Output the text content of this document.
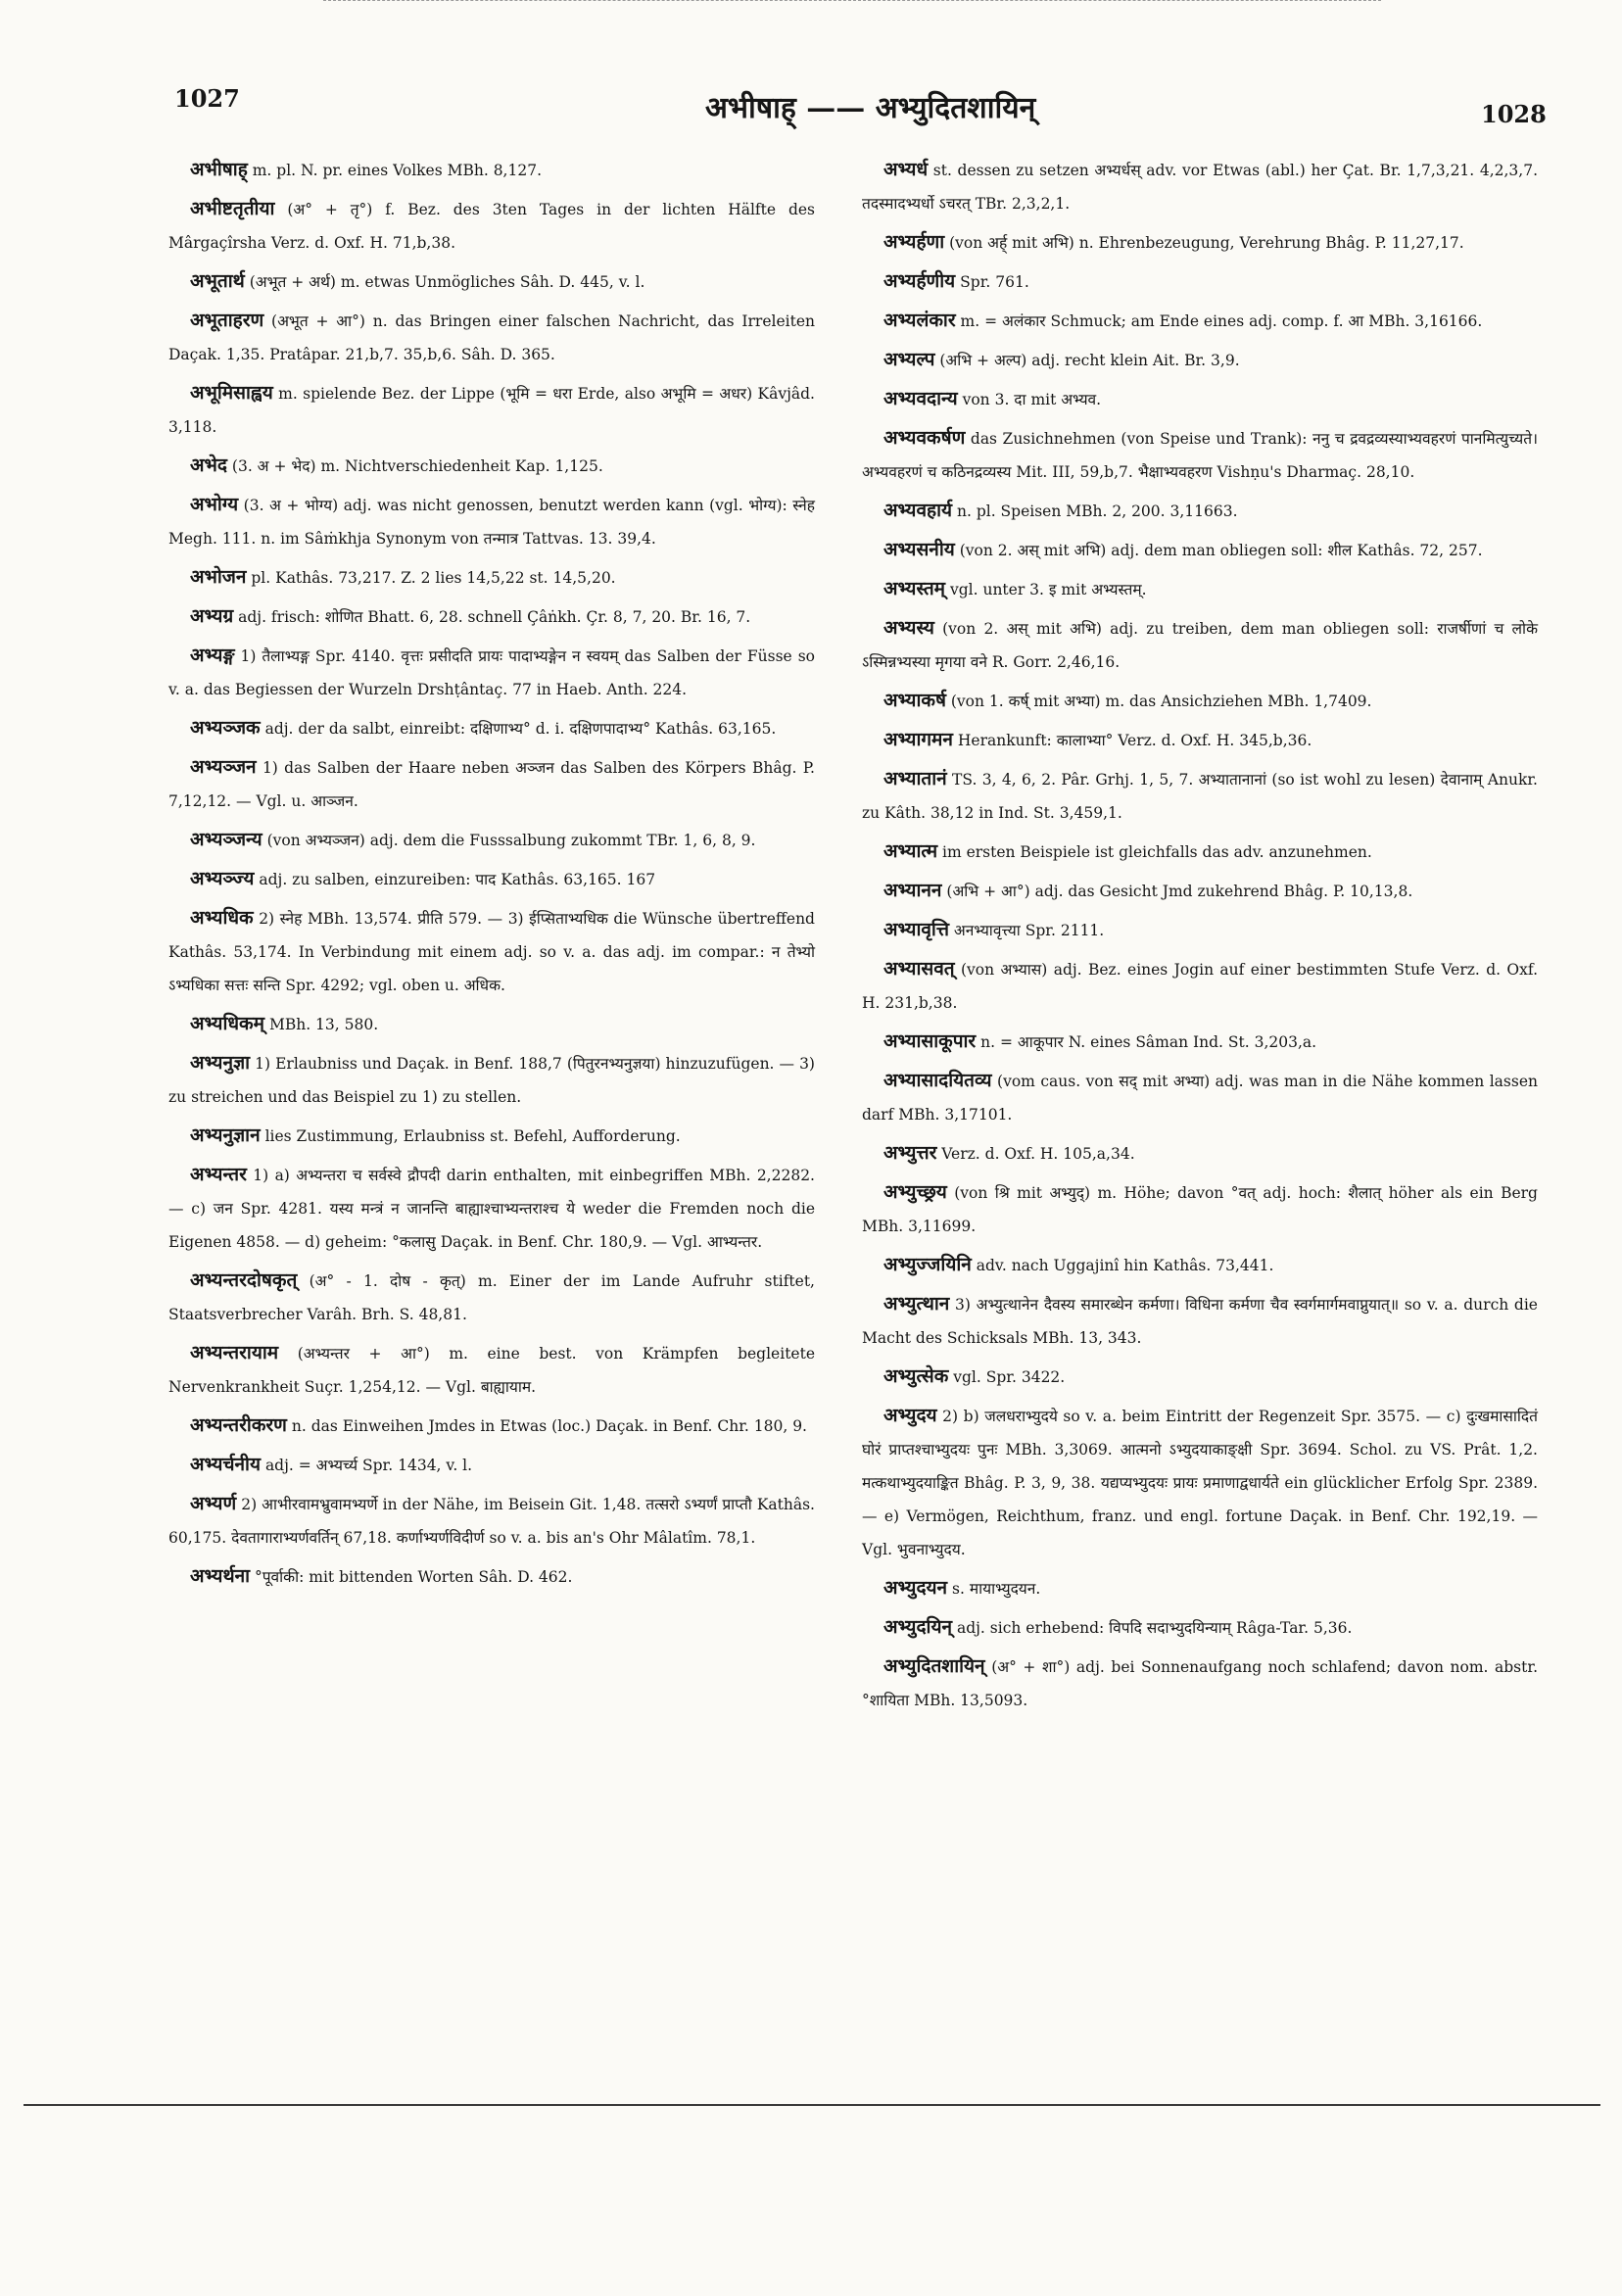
1027	अभीषाह् —— अभ्युदितशायिन्	1028

अभीषाह् m. pl. N. pr. eines Volkes MBh. 8,127.

अभीष्टतृतीया (अ° + तृ°) f. Bez. des 3ten Tages in der lichten Hälfte des Mârgaçîrsha Verz. d. Oxf. H. 71,b,38.

अभूतार्थ (अभूत + अर्थ) m. etwas Unmögliches Sâh. D. 445, v. l.

अभूताहरण (अभूत + आ°) n. das Bringen einer falschen Nachricht, das Irreleiten Daçak. 1,35. Pratâpar. 21,b,7. 35,b,6. Sâh. D. 365.

अभूमिसाह्वय m. spielende Bez. der Lippe (भूमि = धरा Erde, also अभूमि = अधर) Kâvjâd. 3,118.

अभेद (3. अ + भेद) m. Nichtverschiedenheit Kap. 1,125.

अभोग्य (3. अ + भोग्य) adj. was nicht genossen, benutzt werden kann (vgl. भोग्य): स्नेह Megh. 111. n. im Sâṁkhja Synonym von तन्मात्र Tattvas. 13. 39,4.

अभोजन pl. Kathâs. 73,217. Z. 2 lies 14,5,22 st. 14,5,20.

अभ्यग्र adj. frisch: शोणित Bhatt. 6, 28. schnell Çâṅkh. Çr. 8, 7, 20. Br. 16, 7.

अभ्यङ्ग 1) तैलाभ्यङ्ग Spr. 4140. वृत्तः प्रसीदति प्रायः पादाभ्यङ्गेन न स्वयम् das Salben der Füsse so v. a. das Begiessen der Wurzeln Drshṭântaç. 77 in Haeb. Anth. 224.

अभ्यञ्जक adj. der da salbt, einreibt: दक्षिणाभ्य° d. i. दक्षिणपादाभ्य° Kathâs. 63,165.

अभ्यञ्जन 1) das Salben der Haare neben अञ्जन das Salben des Körpers Bhâg. P. 7,12,12. — Vgl. u. आञ्जन.

अभ्यञ्जन्य (von अभ्यञ्जन) adj. dem die Fusssalbung zukommt TBr. 1, 6, 8, 9.

अभ्यञ्ज्य adj. zu salben, einzureiben: पाद Kathâs. 63,165. 167

अभ्यधिक 2) स्नेह MBh. 13,574. प्रीति 579. — 3) ईप्सिताभ्यधिक die Wünsche übertreffend Kathâs. 53,174. In Verbindung mit einem adj. so v. a. das adj. im compar.: न तेभ्यो ऽभ्यधिका सत्तः सन्ति Spr. 4292; vgl. oben u. अधिक.

अभ्यधिकम् MBh. 13, 580.

अभ्यनुज्ञा 1) Erlaubniss und Daçak. in Benf. 188,7 (पितुरनभ्यनुज्ञया) hinzuzufügen. — 3) zu streichen und das Beispiel zu 1) zu stellen.

अभ्यनुज्ञान lies Zustimmung, Erlaubniss st. Befehl, Aufforderung.

अभ्यन्तर 1) a) अभ्यन्तरा च सर्वस्वे द्रौपदी darin enthalten, mit einbegriffen MBh. 2,2282. — c) जन Spr. 4281. यस्य मन्त्रं न जानन्ति बाह्याश्चाभ्यन्तराश्च ये weder die Fremden noch die Eigenen 4858. — d) geheim: °कलासु Daçak. in Benf. Chr. 180,9. — Vgl. आभ्यन्तर.

अभ्यन्तरदोषकृत् (अ° - 1. दोष - कृत्) m. Einer der im Lande Aufruhr stiftet, Staatsverbrecher Varâh. Brh. S. 48,81.

अभ्यन्तरायाम (अभ्यन्तर + आ°) m. eine best. von Krämpfen begleitete Nervenkrankheit Suçr. 1,254,12. — Vgl. बाह्यायाम.

अभ्यन्तरीकरण n. das Einweihen Jmdes in Etwas (loc.) Daçak. in Benf. Chr. 180, 9.

अभ्यर्चनीय adj. = अभ्यर्च्य Spr. 1434, v. l.

अभ्यर्ण 2) आभीरवामभ्रुवामभ्यर्णे in der Nähe, im Beisein Git. 1,48. तत्सरो ऽभ्यर्णं प्राप्तौ Kathâs. 60,175. देवतागाराभ्यर्णवर्तिन् 67,18. कर्णाभ्यर्णविदीर्ण so v. a. bis an's Ohr Mâlatîm. 78,1.

अभ्यर्थना °पूर्वाकी: mit bittenden Worten Sâh. D. 462.

अभ्यर्ध st. dessen zu setzen अभ्यर्धस् adv. vor Etwas (abl.) her Çat. Br. 1,7,3,21. 4,2,3,7. तदस्मादभ्यर्धो ऽचरत् TBr. 2,3,2,1.

अभ्यर्हणा (von अर्ह् mit अभि) n. Ehrenbezeugung, Verehrung Bhâg. P. 11,27,17.

अभ्यर्हणीय Spr. 761.

अभ्यलंकार m. = अलंकार Schmuck; am Ende eines adj. comp. f. आ MBh. 3,16166.

अभ्यल्प (अभि + अल्प) adj. recht klein Ait. Br. 3,9.

अभ्यवदान्य von 3. दा mit अभ्यव.

अभ्यवकर्षण das Zusichnehmen (von Speise und Trank): ननु च द्रवद्रव्यस्याभ्यवहरणं पानमित्युच्यते। अभ्यवहरणं च कठिनद्रव्यस्य Mit. III, 59,b,7. भैक्षाभ्यवहरण Vishṇu's Dharmaç. 28,10.

अभ्यवहार्य n. pl. Speisen MBh. 2, 200. 3,11663.

अभ्यसनीय (von 2. अस् mit अभि) adj. dem man obliegen soll: शील Kathâs. 72, 257.

अभ्यस्तम् vgl. unter 3. इ mit अभ्यस्तम्.

अभ्यस्य (von 2. अस् mit अभि) adj. zu treiben, dem man obliegen soll: राजर्षीणां च लोके ऽस्मिन्नभ्यस्या मृगया वने R. Gorr. 2,46,16.

अभ्याकर्ष (von 1. कर्ष् mit अभ्या) m. das Ansichziehen MBh. 1,7409.

अभ्यागमन Herankunft: कालाभ्या° Verz. d. Oxf. H. 345,b,36.

अभ्यातानं TS. 3, 4, 6, 2. Pâr. Grhj. 1, 5, 7. अभ्यातानानां (so ist wohl zu lesen) देवानाम् Anukr. zu Kâth. 38,12 in Ind. St. 3,459,1.

अभ्यात्म im ersten Beispiele ist gleichfalls das adv. anzunehmen.

अभ्यानन (अभि + आ°) adj. das Gesicht Jmd zukehrend Bhâg. P. 10,13,8.

अभ्यावृत्ति अनभ्यावृत्त्या Spr. 2111.

अभ्यासवत् (von अभ्यास) adj. Bez. eines Jogin auf einer bestimmten Stufe Verz. d. Oxf. H. 231,b,38.

अभ्यासाकूपार n. = आकूपार N. eines Sâman Ind. St. 3,203,a.

अभ्यासादयितव्य (vom caus. von सद् mit अभ्या) adj. was man in die Nähe kommen lassen darf MBh. 3,17101.

अभ्युत्तर Verz. d. Oxf. H. 105,a,34.

अभ्युच्छ्रय (von श्रि mit अभ्युद्) m. Höhe; davon °वत् adj. hoch: शैलात् höher als ein Berg MBh. 3,11699.

अभ्युज्जयिनि adv. nach Uggajinî hin Kathâs. 73,441.

अभ्युत्थान 3) अभ्युत्थानेन दैवस्य समारब्धेन कर्मणा। विधिना कर्मणा चैव स्वर्गमार्गमवाप्नुयात्॥ so v. a. durch die Macht des Schicksals MBh. 13, 343.

अभ्युत्सेक vgl. Spr. 3422.

अभ्युदय 2) b) जलधराभ्युदये so v. a. beim Eintritt der Regenzeit Spr. 3575. — c) दुःखमासादितं घोरं प्राप्तश्चाभ्युदयः पुनः MBh. 3,3069. आत्मनो ऽभ्युदयाकाङ्क्षी Spr. 3694. Schol. zu VS. Prât. 1,2. मत्कथाभ्युदयाङ्कित Bhâg. P. 3, 9, 38. यद्यप्यभ्युदयः प्रायः प्रमाणाद्वधार्यते ein glücklicher Erfolg Spr. 2389. — e) Vermögen, Reichthum, franz. und engl. fortune Daçak. in Benf. Chr. 192,19. — Vgl. भुवनाभ्युदय.

अभ्युदयन s. मायाभ्युदयन.

अभ्युदयिन् adj. sich erhebend: विपदि सदाभ्युदयिन्याम् Râga-Tar. 5,36.

अभ्युदितशायिन् (अ° + शा°) adj. bei Sonnenaufgang noch schlafend; davon nom. abstr. °शायिता MBh. 13,5093.
